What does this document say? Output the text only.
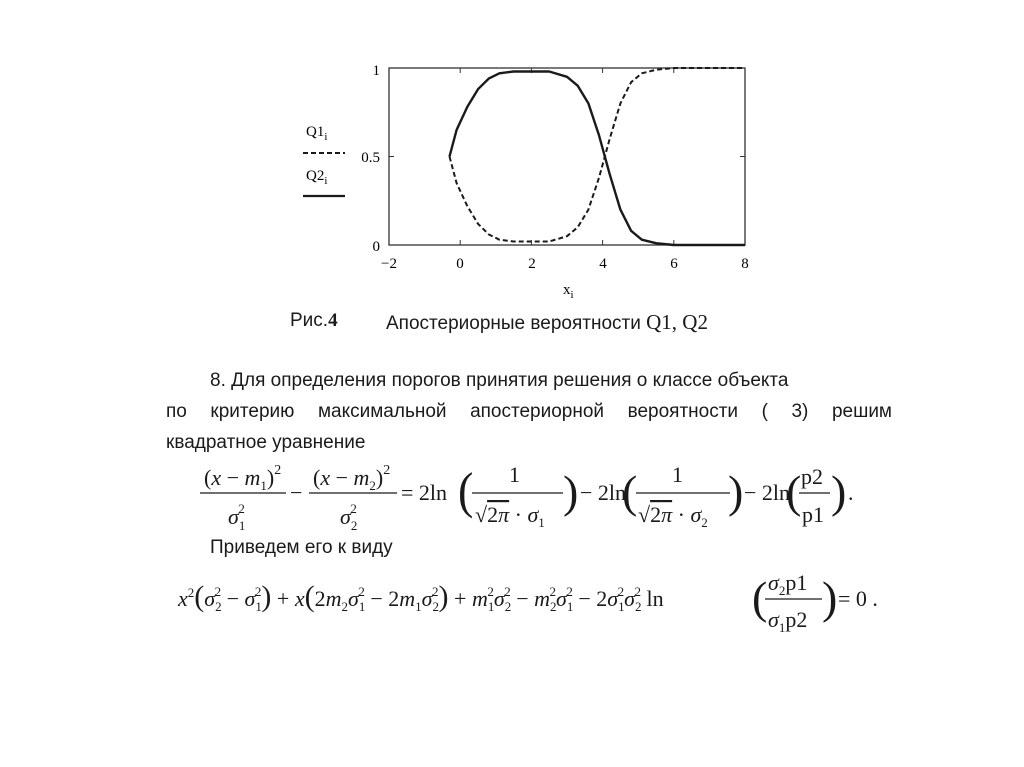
1
0.5
0
−2	0	2	4	6	8
$x_i$
$Q1_i$
$Q2_i$
$(x - m_1)^2$
$\sigma_12$
−
$(x - m_2)^2$
$\sigma_22$
= 2ln ( 1
$√2\pi \cdot \sigma_1$
) − 2ln
( 1
$√2\pi \cdot \sigma_2$
) − 2ln
( p2
p1 ) .
$x^2(\sigma_22 - \sigma_12) + x(2m_2\sigma_12 - 2m_1\sigma_22) + m_12\sigma_22 - m_22\sigma_12 - 2\sigma_12\sigma_22$ ln ( $\sigma_2p1$
$\sigma_1p2$ ) = 0 .
Рис.4	Апостериорные вероятности Q1, Q2
8. Для определения порогов принятия решения о классе объекта
по критерию максимальной апостериорной вероятности ( 3) решим
квадратное уравнение
Приведем его к виду
